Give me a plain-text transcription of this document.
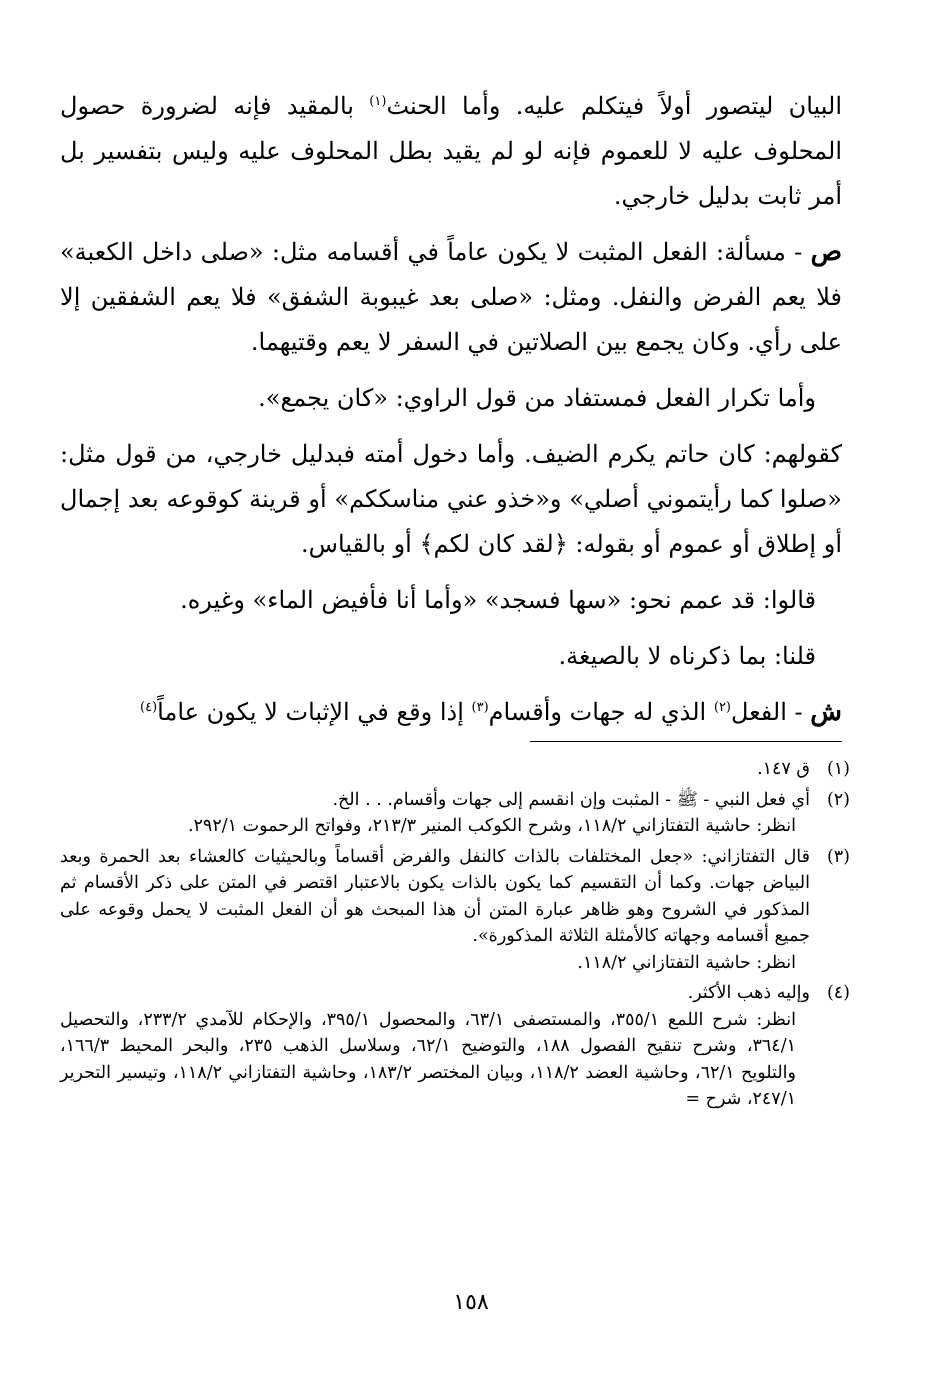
البيان ليتصور أولاً فيتكلم عليه. وأما الحنث$^{(١)}$ بالمقيد فإنه لضرورة حصول المحلوف عليه لا للعموم فإنه لو لم يقيد بطل المحلوف عليه وليس بتفسير بل أمر ثابت بدليل خارجي.

ص - مسألة: الفعل المثبت لا يكون عاماً في أقسامه مثل: «صلى داخل الكعبة» فلا يعم الفرض والنفل. ومثل: «صلى بعد غيبوبة الشفق» فلا يعم الشفقين إلا على رأي. وكان يجمع بين الصلاتين في السفر لا يعم وقتيهما.

وأما تكرار الفعل فمستفاد من قول الراوي: «كان يجمع».

كقولهم: كان حاتم يكرم الضيف. وأما دخول أمته فبدليل خارجي، من قول مثل: «صلوا كما رأيتموني أصلي» و«خذو عني مناسككم» أو قرينة كوقوعه بعد إجمال أو إطلاق أو عموم أو بقوله: ﴿لقد كان لكم﴾ أو بالقياس.

قالوا: قد عمم نحو: «سها فسجد» «وأما أنا فأفيض الماء» وغيره.

قلنا: بما ذكرناه لا بالصيغة.

ش - الفعل$^{(٢)}$ الذي له جهات وأقسام$^{(٣)}$ إذا وقع في الإثبات لا يكون عاماً$^{(٤)}$

(١)
ق ١٤٧.
(٢)
أي فعل النبي - ﷺ - المثبت وإن انقسم إلى جهات وأقسام. . . الخ.
انظر: حاشية التفتازاني ١١٨/٢، وشرح الكوكب المنير ٢١٣/٣، وفواتح الرحموت ٢٩٢/١.
(٣)
قال التفتازاني: «جعل المختلفات بالذات كالنفل والفرض أقساماً وبالحيثيات كالعشاء بعد الحمرة وبعد البياض جهات. وكما أن التقسيم كما يكون بالذات يكون بالاعتبار اقتصر في المتن على ذكر الأقسام ثم المذكور في الشروح وهو ظاهر عبارة المتن أن هذا المبحث هو أن الفعل المثبت لا يحمل وقوعه على جميع أقسامه وجهاته كالأمثلة الثلاثة المذكورة».
انظر: حاشية التفتازاني ١١٨/٢.
(٤)
وإليه ذهب الأكثر.
انظر: شرح اللمع ٣٥٥/١، والمستصفى ٦٣/١، والمحصول ٣٩٥/١، والإحكام للآمدي ٢٣٣/٢، والتحصيل ٣٦٤/١، وشرح تنقيح الفصول ١٨٨، والتوضيح ٦٢/١، وسلاسل الذهب ٢٣٥، والبحر المحيط ١٦٦/٣، والتلويح ٦٢/١، وحاشية العضد ١١٨/٢، وبيان المختصر ١٨٣/٢، وحاشية التفتازاني ١١٨/٢، وتيسير التحرير ٢٤٧/١، شرح =
١٥٨
